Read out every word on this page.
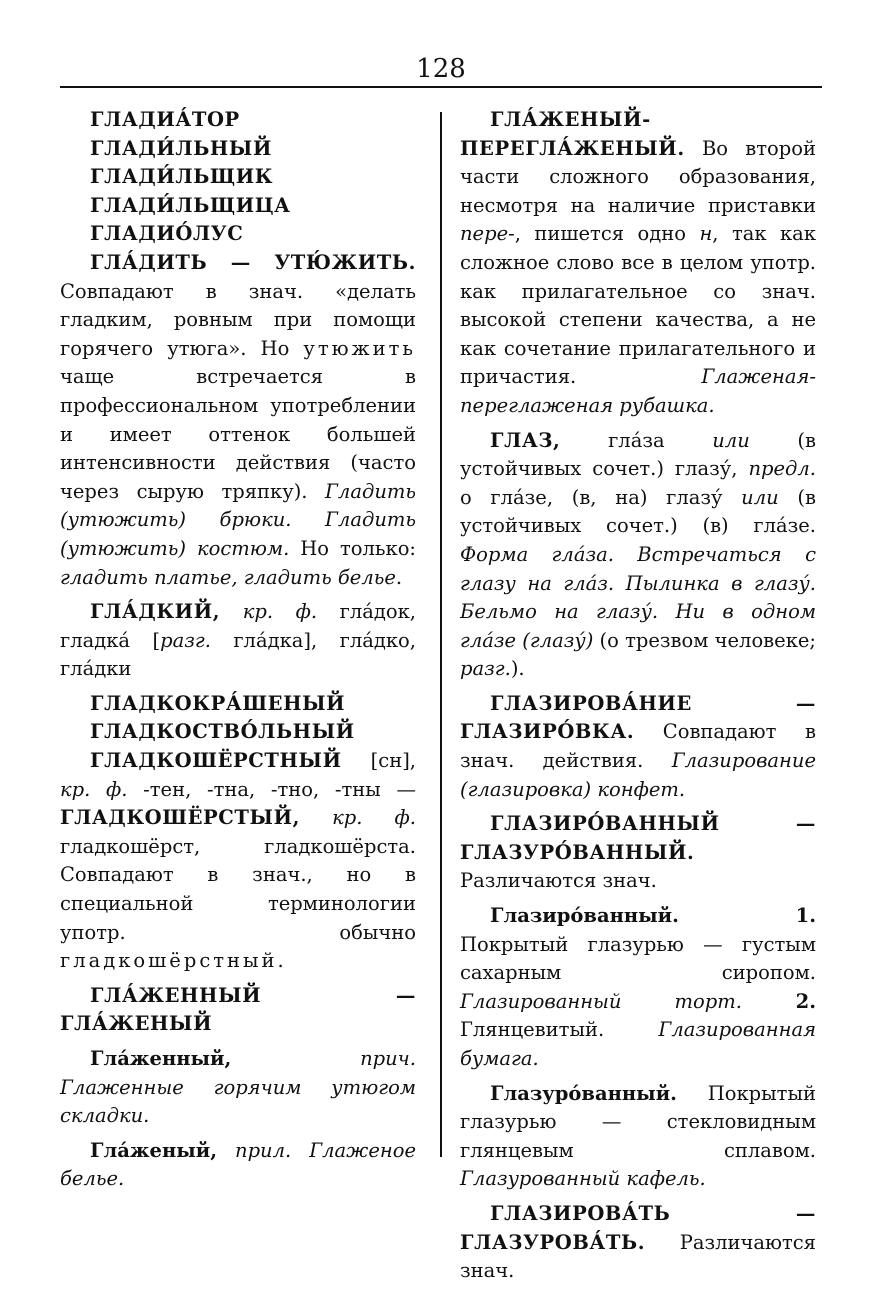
128

ГЛАДИА́ТОР

ГЛАДИ́ЛЬНЫЙ

ГЛАДИ́ЛЬЩИК

ГЛАДИ́ЛЬЩИЦА

ГЛАДИО́ЛУС

ГЛА́ДИТЬ — УТЮ́ЖИТЬ. Совпадают в знач. «делать гладким, ровным при помощи горячего утюга». Но утюжить чаще встречается в профессиональном употреблении и имеет оттенок большей интенсивности действия (часто через сырую тряпку). Гладить (утюжить) брюки. Гладить (утюжить) костюм. Но только: гладить платье, гладить белье.

ГЛА́ДКИЙ, кр. ф. гла́док, гладка́ [разг. гла́дка], гла́дко, гла́дки

ГЛАДКОКРА́ШЕНЫЙ

ГЛАДКОСТВО́ЛЬНЫЙ

ГЛАДКОШЁРСТНЫЙ [сн], кр. ф. -тен, -тна, -тно, -тны — ГЛАДКОШЁРСТЫЙ, кр. ф. гладкошёрст, гладкошёрста. Совпадают в знач., но в специальной терминологии употр. обычно гладкошёрстный.

ГЛА́ЖЕННЫЙ — ГЛА́ЖЕНЫЙ

Гла́женный,	прич. Глаженные горячим утюгом складки.

Гла́женый, прил. Глаженое белье.

ГЛА́ЖЕНЫЙ-ПЕРЕГЛА́ЖЕНЫЙ. Во второй части сложного образования, несмотря на наличие приставки пере-, пишется одно н, так как сложное слово все в целом употр. как прилагательное со знач. высокой степени качества, а не как сочетание прилагательного и причастия. Глаженая-переглаженая рубашка.

ГЛАЗ, гла́за или (в устойчивых сочет.) глазу́, предл. о гла́зе, (в, на) глазу́ или (в устойчивых сочет.) (в) гла́зе. Форма гла́за. Встречаться с глазу на гла́з. Пылинка в глазу́. Бельмо на глазу́. Ни в одном гла́зе (глазу́) (о трезвом человеке; разг.).

ГЛАЗИРОВА́НИЕ — ГЛАЗИРО́ВКА. Совпадают в знач. действия. Глазирование (глазировка) конфет.

ГЛАЗИРО́ВАННЫЙ — ГЛАЗУРО́ВАННЫЙ. Различаются знач.

Глазиро́ванный. 1. Покрытый глазурью — густым сахарным сиропом. Глазированный торт. 2. Глянцевитый. Глазированная бумага.

Глазуро́ванный. Покрытый глазурью — стекловидным глянцевым сплавом. Глазурованный кафель.

ГЛАЗИРОВА́ТЬ — ГЛАЗУРОВА́ТЬ. Различаются знач.
